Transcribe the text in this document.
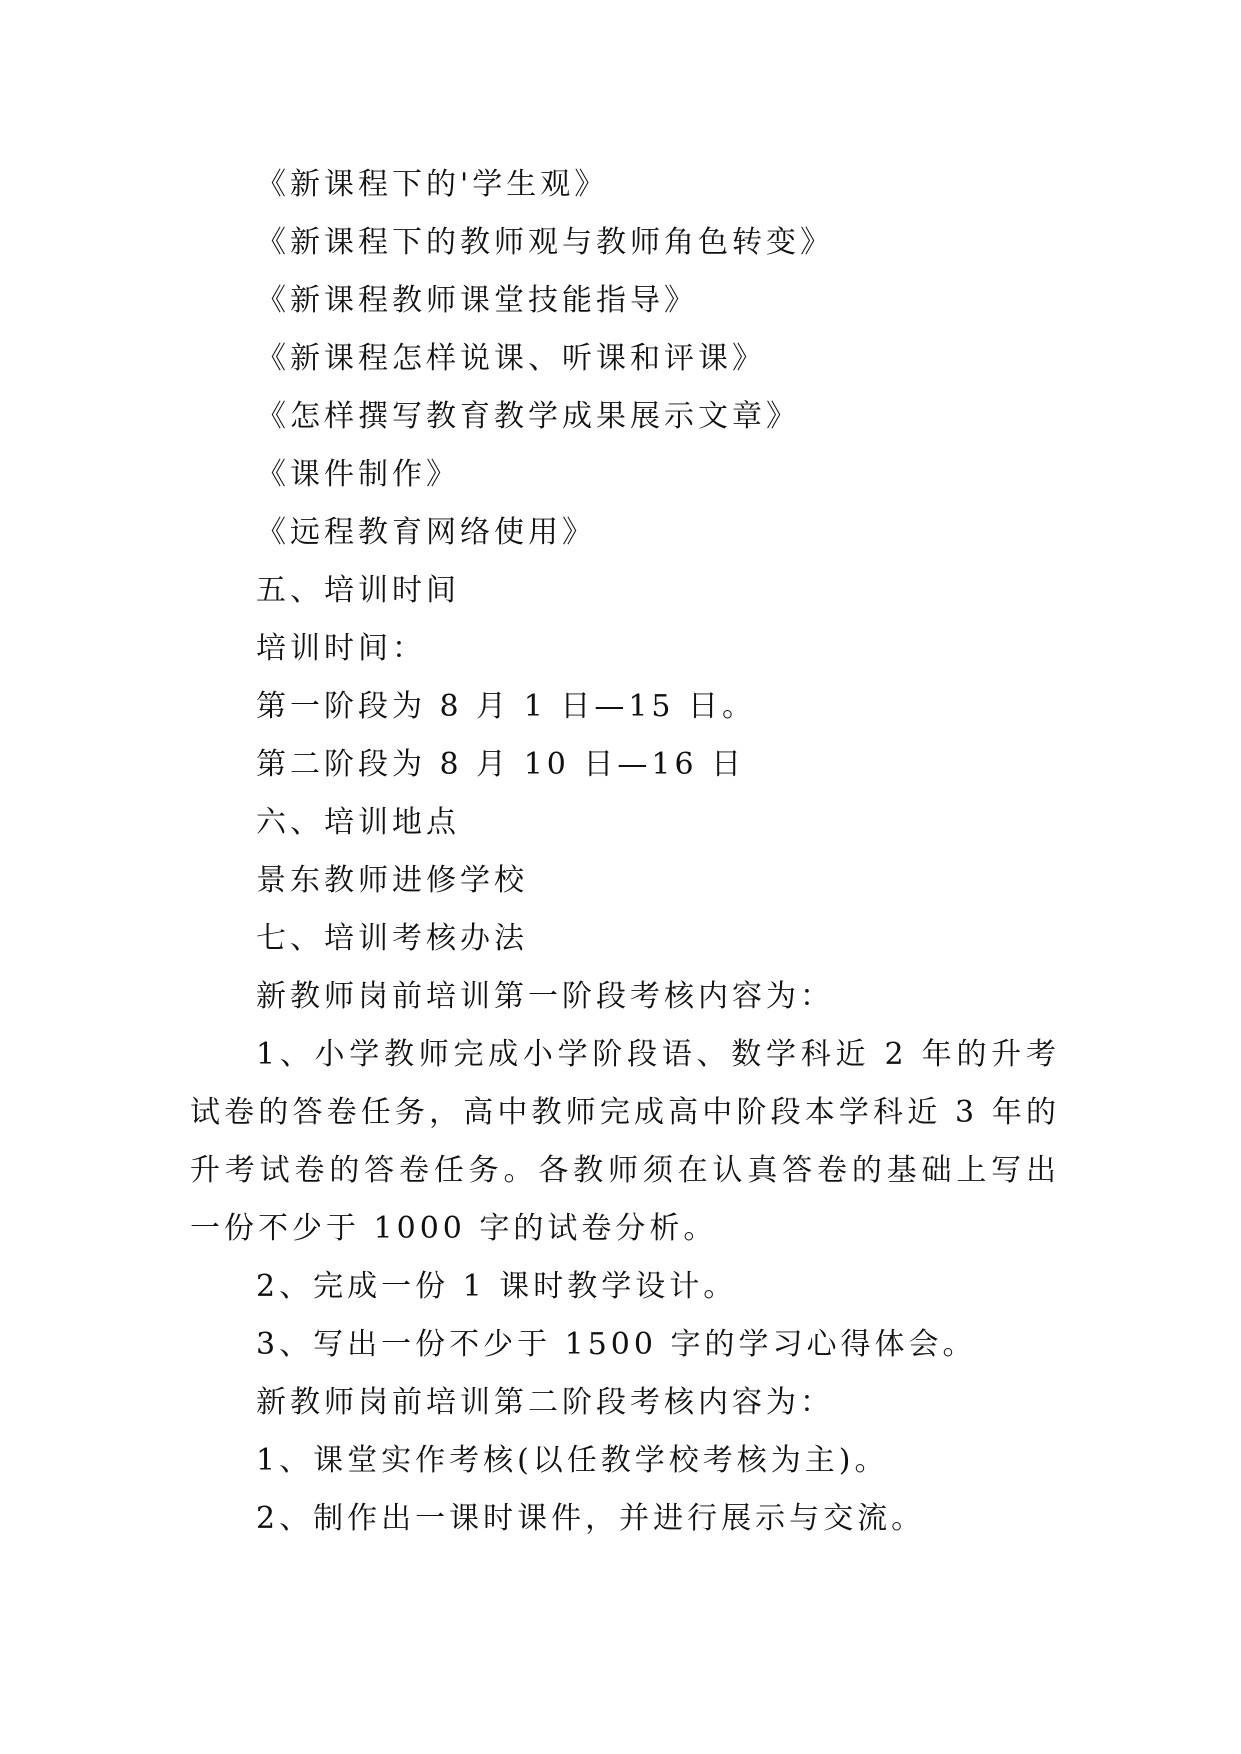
《新课程下的'学生观》
《新课程下的教师观与教师角色转变》
《新课程教师课堂技能指导》
《新课程怎样说课、听课和评课》
《怎样撰写教育教学成果展示文章》
《课件制作》
《远程教育网络使用》
五、培训时间
培训时间：
第一阶段为 8 月 1 日—15 日。
第二阶段为 8 月 10 日—16 日
六、培训地点
景东教师进修学校
七、培训考核办法
新教师岗前培训第一阶段考核内容为：
1、小学教师完成小学阶段语、数学科近 2 年的升考试卷的答卷任务，高中教师完成高中阶段本学科近 3 年的升考试卷的答卷任务。各教师须在认真答卷的基础上写出一份不少于 1000 字的试卷分析。
2、完成一份 1 课时教学设计。
3、写出一份不少于 1500 字的学习心得体会。
新教师岗前培训第二阶段考核内容为：
1、课堂实作考核(以任教学校考核为主)。
2、制作出一课时课件，并进行展示与交流。
